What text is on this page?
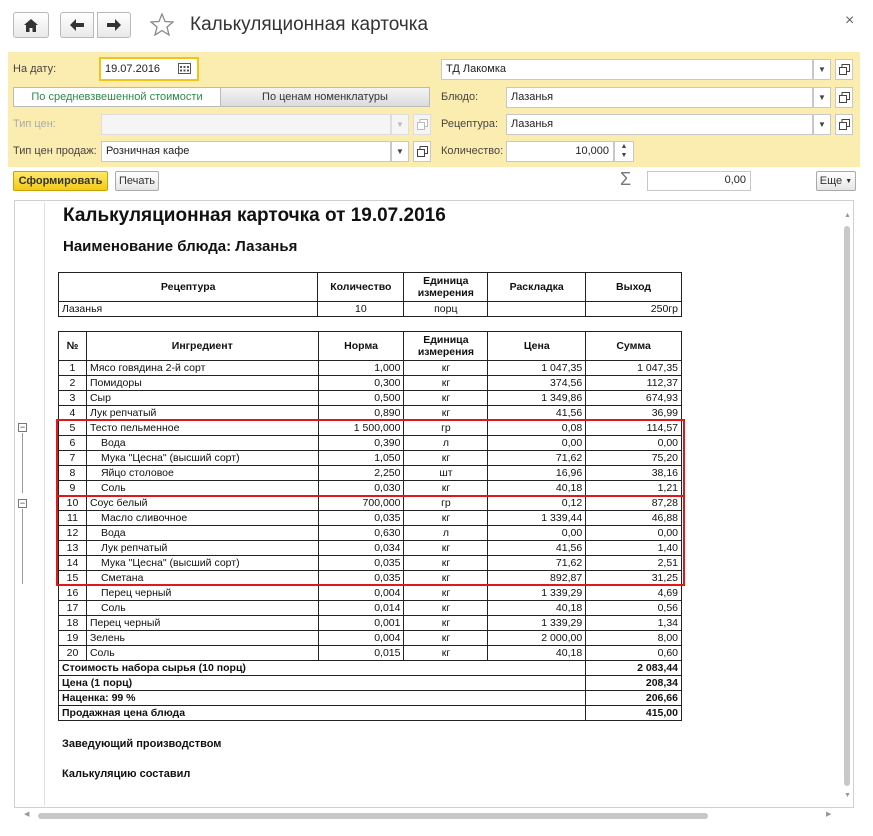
Калькуляционная карточка	×
На дату:	19.07.2016	ТД Лакомка	▼
По средневзвешенной стоимости	По ценам номенклатуры	Блюдо:	Лазанья	▼
Тип цен:	▼	Рецептура:	Лазанья	▼
Тип цен продаж: Розничная кафе	▼	Количество:	10,000	▲
▼
Сформировать	Печать	Σ	0,00	Еще
▼
▲
▼
◀	▶
Калькуляционная карточка от 19.07.2016
Наименование блюда: Лазанья
Рецептура	Количество	Единица измерения	Раскладка	Выход
Лазанья	10	порц		250гр
№	Ингредиент	Норма	Единица измерения	Цена	Сумма
1	Мясо говядина 2-й сорт	1,000	кг	1 047,35	1 047,35
2	Помидоры	0,300	кг	374,56	112,37
3	Сыр	0,500	кг	1 349,86	674,93
4	Лук репчатый	0,890	кг	41,56	36,99
5	Тесто пельменное	1 500,000	гр	0,08	114,57
6	Вода	0,390	л	0,00	0,00
7	Мука "Цесна" (высший сорт)	1,050	кг	71,62	75,20
8	Яйцо столовое	2,250	шт	16,96	38,16
9	Соль	0,030	кг	40,18	1,21
10	Соус белый	700,000	гр	0,12	87,28
11	Масло сливочное	0,035	кг	1 339,44	46,88
12	Вода	0,630	л	0,00	0,00
13	Лук репчатый	0,034	кг	41,56	1,40
14	Мука "Цесна" (высший сорт)	0,035	кг	71,62	2,51
15	Сметана	0,035	кг	892,87	31,25
16	Перец черный	0,004	кг	1 339,29	4,69
17	Соль	0,014	кг	40,18	0,56
18	Перец черный	0,001	кг	1 339,29	1,34
19	Зелень	0,004	кг	2 000,00	8,00
20	Соль	0,015	кг	40,18	0,60
Стоимость набора сырья (10 порц)					2 083,44
Цена (1 порц)					208,34
Наценка: 99 %					206,66
Продажная цена блюда					415,00
−
−
Заведующий производством
Калькуляцию составил
